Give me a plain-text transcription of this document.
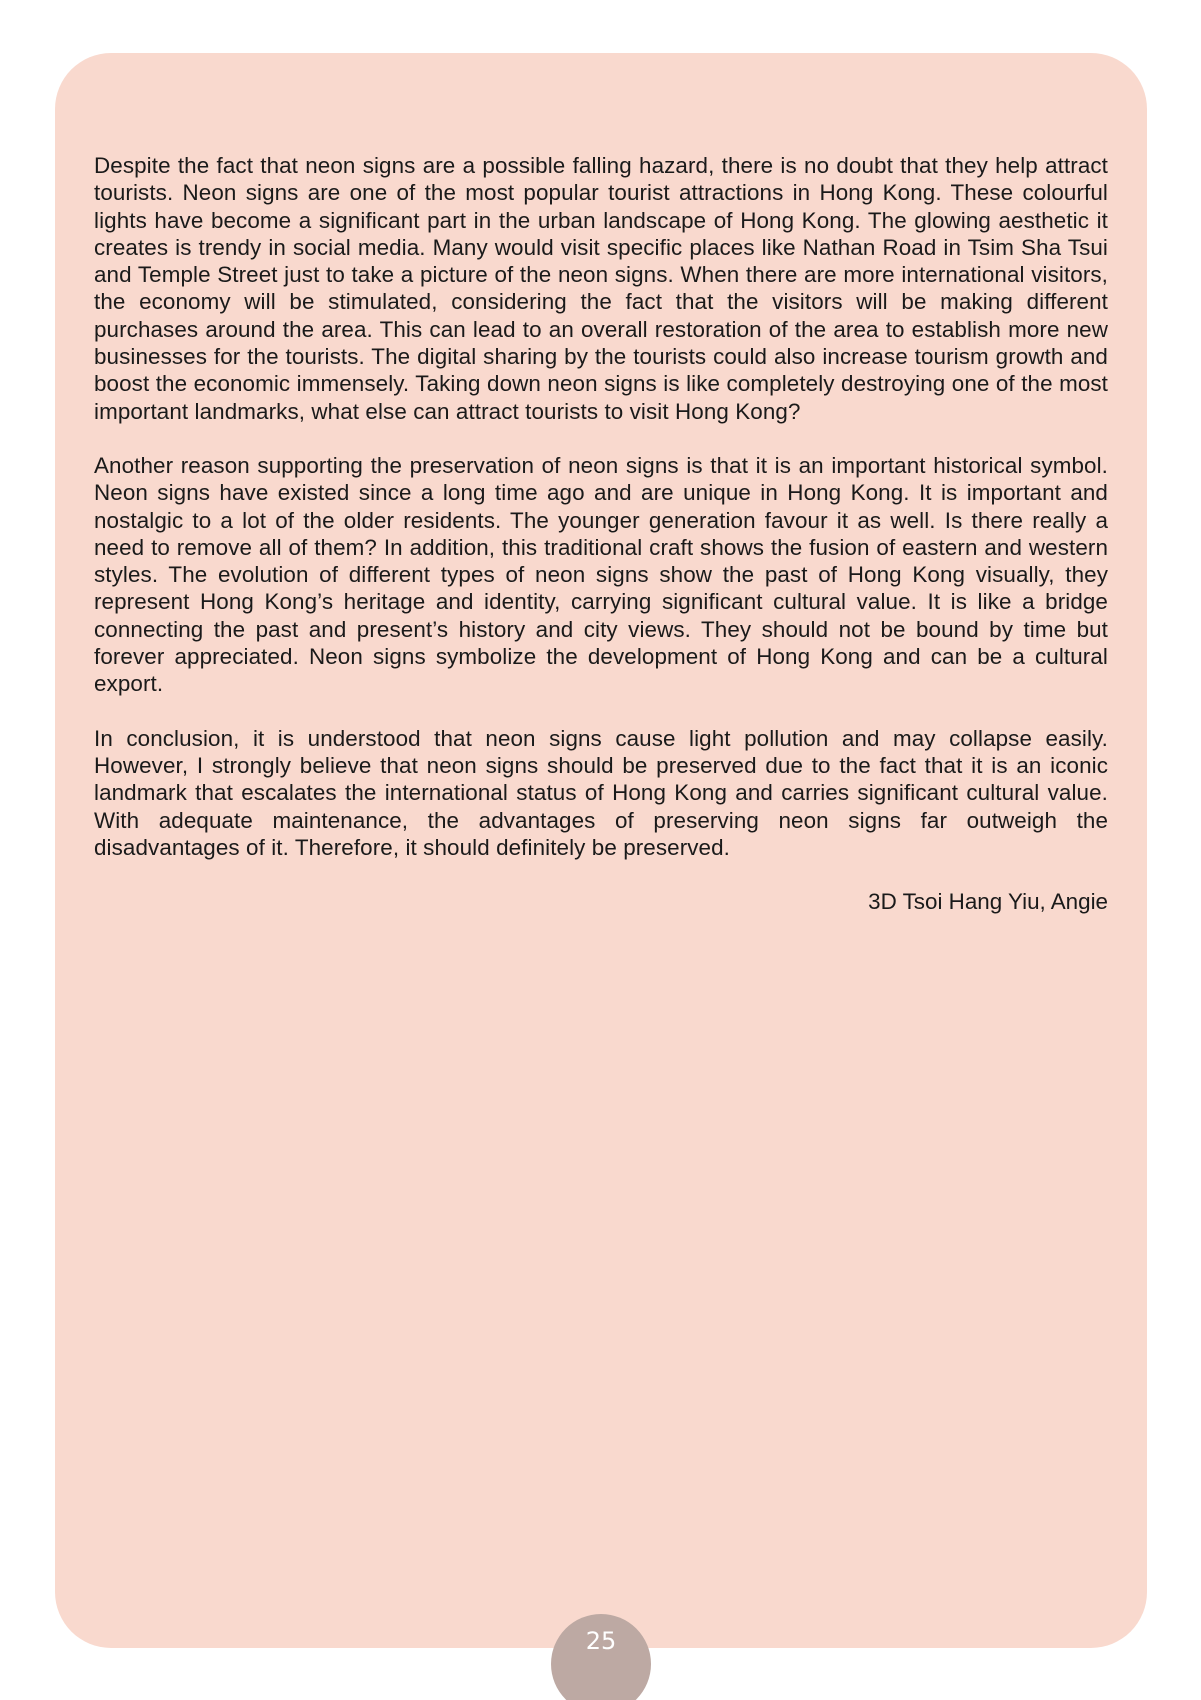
Despite the fact that neon signs are a possible falling hazard, there is no doubt that they help attract tourists. Neon signs are one of the most popular tourist attractions in Hong Kong. These colourful lights have become a significant part in the urban landscape of Hong Kong. The glowing aesthetic it creates is trendy in social media. Many would visit specific places like Nathan Road in Tsim Sha Tsui and Temple Street just to take a picture of the neon signs. When there are more international visitors, the economy will be stimulated, considering the fact that the visitors will be making different purchases around the area. This can lead to an overall restoration of the area to establish more new businesses for the tourists. The digital sharing by the tourists could also increase tourism growth and boost the economic immensely. Taking down neon signs is like completely destroying one of the most important landmarks, what else can attract tourists to visit Hong Kong?

Another reason supporting the preservation of neon signs is that it is an important historical symbol. Neon signs have existed since a long time ago and are unique in Hong Kong. It is important and nostalgic to a lot of the older residents. The younger generation favour it as well. Is there really a need to remove all of them? In addition, this traditional craft shows the fusion of eastern and western styles. The evolution of different types of neon signs show the past of Hong Kong visually, they represent Hong Kong’s heritage and identity, carrying significant cultural value. It is like a bridge connecting the past and present’s history and city views. They should not be bound by time but forever appreciated. Neon signs symbolize the development of Hong Kong and can be a cultural export.

In conclusion, it is understood that neon signs cause light pollution and may collapse easily. However, I strongly believe that neon signs should be preserved due to the fact that it is an iconic landmark that escalates the international status of Hong Kong and carries significant cultural value. With adequate maintenance, the advantages of preserving neon signs far outweigh the disadvantages of it. Therefore, it should definitely be preserved.

3D Tsoi Hang Yiu, Angie

25
